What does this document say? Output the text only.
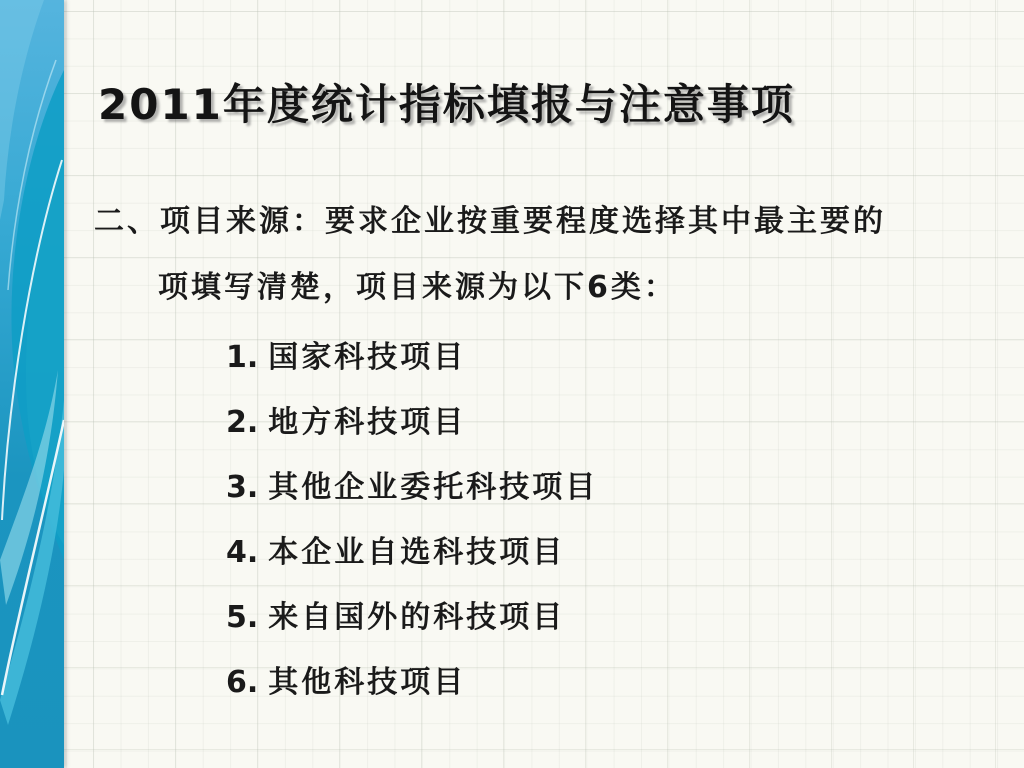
2011年度统计指标填报与注意事项
二、项目来源：要求企业按重要程度选择其中最主要的
项填写清楚，项目来源为以下6类：
1. 国家科技项目
2. 地方科技项目
3. 其他企业委托科技项目
4. 本企业自选科技项目
5. 来自国外的科技项目
6. 其他科技项目
